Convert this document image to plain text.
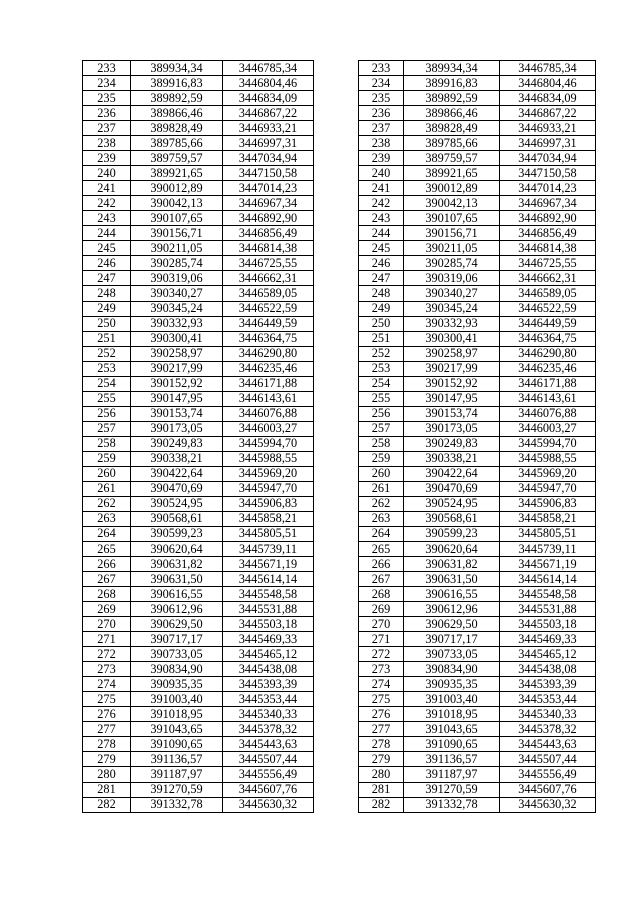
233	389934,34	3446785,34		233	389934,34	3446785,34
234	389916,83	3446804,46		234	389916,83	3446804,46
235	389892,59	3446834,09		235	389892,59	3446834,09
236	389866,46	3446867,22		236	389866,46	3446867,22
237	389828,49	3446933,21		237	389828,49	3446933,21
238	389785,66	3446997,31		238	389785,66	3446997,31
239	389759,57	3447034,94		239	389759,57	3447034,94
240	389921,65	3447150,58		240	389921,65	3447150,58
241	390012,89	3447014,23		241	390012,89	3447014,23
242	390042,13	3446967,34		242	390042,13	3446967,34
243	390107,65	3446892,90		243	390107,65	3446892,90
244	390156,71	3446856,49		244	390156,71	3446856,49
245	390211,05	3446814,38		245	390211,05	3446814,38
246	390285,74	3446725,55		246	390285,74	3446725,55
247	390319,06	3446662,31		247	390319,06	3446662,31
248	390340,27	3446589,05		248	390340,27	3446589,05
249	390345,24	3446522,59		249	390345,24	3446522,59
250	390332,93	3446449,59		250	390332,93	3446449,59
251	390300,41	3446364,75		251	390300,41	3446364,75
252	390258,97	3446290,80		252	390258,97	3446290,80
253	390217,99	3446235,46		253	390217,99	3446235,46
254	390152,92	3446171,88		254	390152,92	3446171,88
255	390147,95	3446143,61		255	390147,95	3446143,61
256	390153,74	3446076,88		256	390153,74	3446076,88
257	390173,05	3446003,27		257	390173,05	3446003,27
258	390249,83	3445994,70		258	390249,83	3445994,70
259	390338,21	3445988,55		259	390338,21	3445988,55
260	390422,64	3445969,20		260	390422,64	3445969,20
261	390470,69	3445947,70		261	390470,69	3445947,70
262	390524,95	3445906,83		262	390524,95	3445906,83
263	390568,61	3445858,21		263	390568,61	3445858,21
264	390599,23	3445805,51		264	390599,23	3445805,51
265	390620,64	3445739,11		265	390620,64	3445739,11
266	390631,82	3445671,19		266	390631,82	3445671,19
267	390631,50	3445614,14		267	390631,50	3445614,14
268	390616,55	3445548,58		268	390616,55	3445548,58
269	390612,96	3445531,88		269	390612,96	3445531,88
270	390629,50	3445503,18		270	390629,50	3445503,18
271	390717,17	3445469,33		271	390717,17	3445469,33
272	390733,05	3445465,12		272	390733,05	3445465,12
273	390834,90	3445438,08		273	390834,90	3445438,08
274	390935,35	3445393,39		274	390935,35	3445393,39
275	391003,40	3445353,44		275	391003,40	3445353,44
276	391018,95	3445340,33		276	391018,95	3445340,33
277	391043,65	3445378,32		277	391043,65	3445378,32
278	391090,65	3445443,63		278	391090,65	3445443,63
279	391136,57	3445507,44		279	391136,57	3445507,44
280	391187,97	3445556,49		280	391187,97	3445556,49
281	391270,59	3445607,76		281	391270,59	3445607,76
282	391332,78	3445630,32		282	391332,78	3445630,32
